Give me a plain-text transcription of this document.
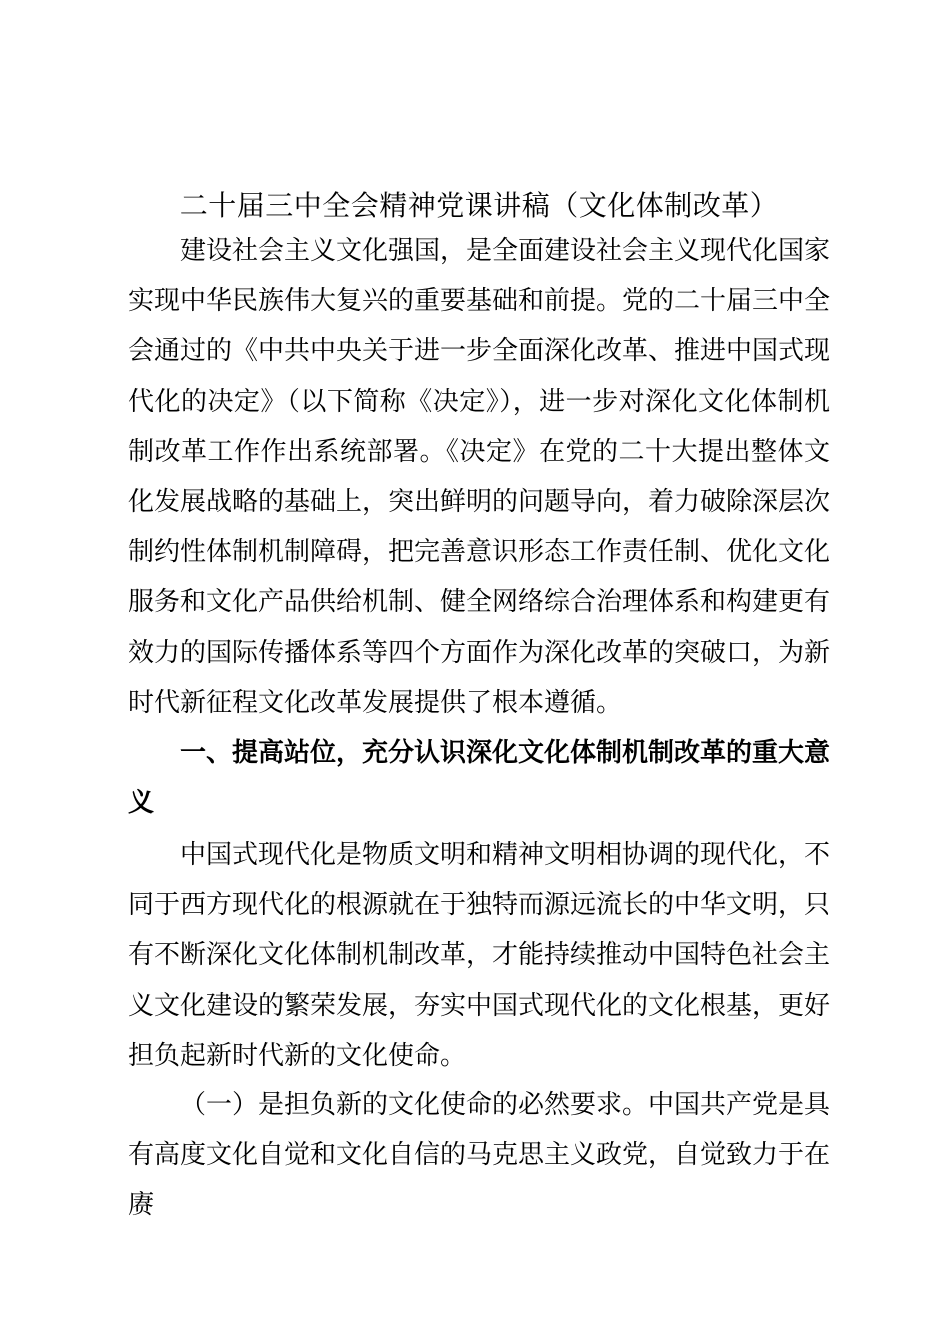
二十届三中全会精神党课讲稿（文化体制改革）

建设社会主义文化强国，是全面建设社会主义现代化国家实现中华民族伟大复兴的重要基础和前提。党的二十届三中全会通过的《中共中央关于进一步全面深化改革、推进中国式现代化的决定》（以下简称《决定》），进一步对深化文化体制机制改革工作作出系统部署。《决定》在党的二十大提出整体文化发展战略的基础上，突出鲜明的问题导向，着力破除深层次制约性体制机制障碍，把完善意识形态工作责任制、优化文化服务和文化产品供给机制、健全网络综合治理体系和构建更有效力的国际传播体系等四个方面作为深化改革的突破口，为新时代新征程文化改革发展提供了根本遵循。

一、提高站位，充分认识深化文化体制机制改革的重大意义

中国式现代化是物质文明和精神文明相协调的现代化，不同于西方现代化的根源就在于独特而源远流长的中华文明，只有不断深化文化体制机制改革，才能持续推动中国特色社会主义文化建设的繁荣发展，夯实中国式现代化的文化根基，更好担负起新时代新的文化使命。

（一）是担负新的文化使命的必然要求。中国共产党是具有高度文化自觉和文化自信的马克思主义政党，自觉致力于在赓
